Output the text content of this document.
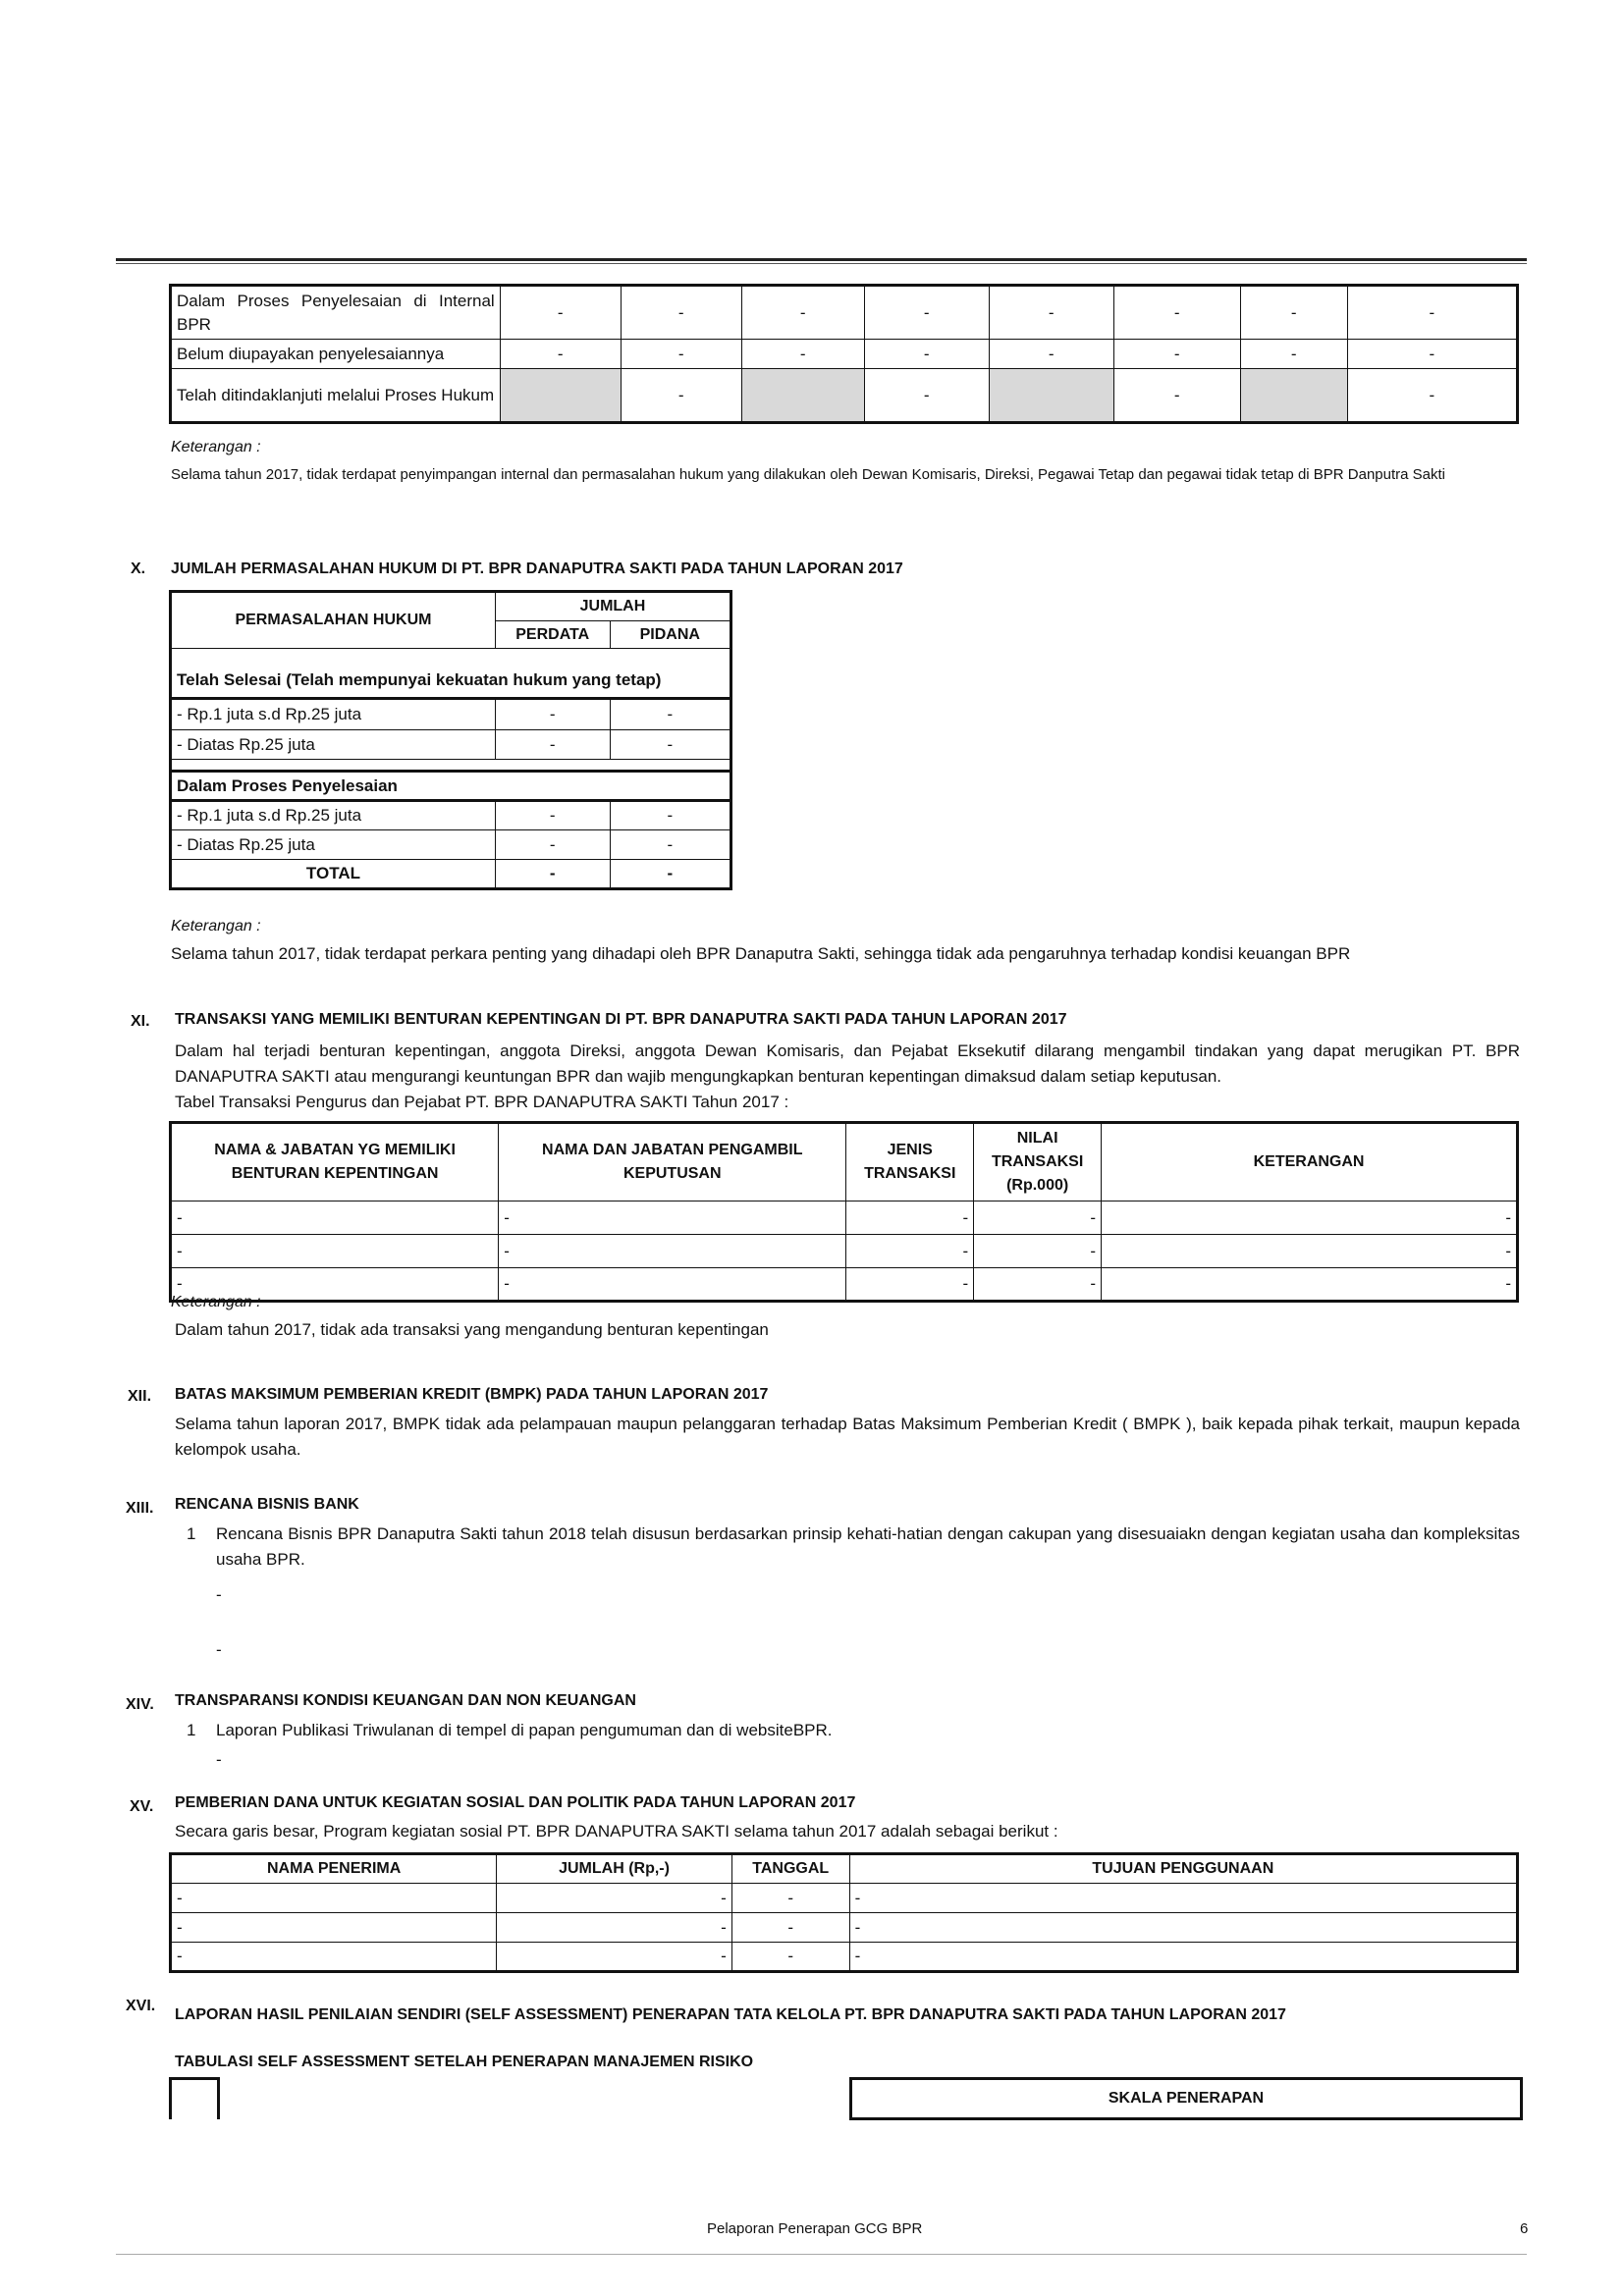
Dalam Proses Penyelesaian di Internal BPR	-	-	-	-	-	-	-	-
Belum diupayakan penyelesaiannya	-	-	-	-	-	-	-	-
Telah ditindaklanjuti melalui Proses Hukum		-		-		-		-
Keterangan :
Selama tahun 2017, tidak terdapat penyimpangan internal dan permasalahan hukum yang dilakukan oleh Dewan Komisaris, Direksi, Pegawai Tetap dan pegawai tidak tetap di BPR Danputra Sakti
X. JUMLAH PERMASALAHAN HUKUM DI PT. BPR DANAPUTRA SAKTI PADA TAHUN LAPORAN 2017
PERMASALAHAN HUKUM	JUMLAH	
	PERDATA	PIDANA

Telah Selesai (Telah mempunyai kekuatan hukum yang tetap)		
- Rp.1 juta s.d Rp.25 juta	-	-
- Diatas Rp.25 juta	-	-

Dalam Proses Penyelesaian		
- Rp.1 juta s.d Rp.25 juta	-	-
- Diatas Rp.25 juta	-	-
TOTAL	-	-
Keterangan :
Selama tahun 2017, tidak terdapat perkara penting yang dihadapi oleh BPR Danaputra Sakti, sehingga tidak ada pengaruhnya terhadap kondisi keuangan BPR
XI. TRANSAKSI YANG MEMILIKI BENTURAN KEPENTINGAN DI PT. BPR DANAPUTRA SAKTI PADA TAHUN LAPORAN 2017
Dalam hal terjadi benturan kepentingan, anggota Direksi, anggota Dewan Komisaris, dan Pejabat Eksekutif dilarang mengambil tindakan yang dapat merugikan PT. BPR DANAPUTRA SAKTI atau mengurangi keuntungan BPR dan wajib mengungkapkan benturan kepentingan dimaksud dalam setiap keputusan.
Tabel Transaksi Pengurus dan Pejabat PT. BPR DANAPUTRA SAKTI Tahun 2017 :
NAMA & JABATAN YG MEMILIKI BENTURAN KEPENTINGAN	NAMA DAN JABATAN PENGAMBIL KEPUTUSAN	JENIS TRANSAKSI	NILAI TRANSAKSI (Rp.000)	KETERANGAN
-	-	-	-	-
-	-	-	-	-
-	-	-	-	-
Keterangan :
Dalam tahun 2017, tidak ada transaksi yang mengandung benturan kepentingan
XII. BATAS MAKSIMUM PEMBERIAN KREDIT (BMPK) PADA TAHUN LAPORAN 2017
Selama tahun laporan 2017, BMPK tidak ada pelampauan maupun pelanggaran terhadap Batas Maksimum Pemberian Kredit ( BMPK ), baik kepada pihak terkait, maupun kepada kelompok usaha.
XIII. RENCANA BISNIS BANK
1 Rencana Bisnis BPR Danaputra Sakti tahun 2018 telah disusun berdasarkan prinsip kehati-hatian dengan cakupan yang disesuaiakn dengan kegiatan usaha dan kompleksitas usaha BPR.
-
-
XIV. TRANSPARANSI KONDISI KEUANGAN DAN NON KEUANGAN
1 Laporan Publikasi Triwulanan di tempel di papan pengumuman dan di websiteBPR.
-
XV. PEMBERIAN DANA UNTUK KEGIATAN SOSIAL DAN POLITIK PADA TAHUN LAPORAN 2017
Secara garis besar, Program kegiatan sosial PT. BPR DANAPUTRA SAKTI selama tahun 2017 adalah sebagai berikut :
NAMA PENERIMA	JUMLAH (Rp,-)	TANGGAL	TUJUAN PENGGUNAAN
-	-	-	-
-	-	-	-
-	-	-	-
XVI.
LAPORAN HASIL PENILAIAN SENDIRI (SELF ASSESSMENT) PENERAPAN TATA KELOLA PT. BPR DANAPUTRA SAKTI PADA TAHUN LAPORAN 2017
TABULASI SELF ASSESSMENT SETELAH PENERAPAN MANAJEMEN RISIKO
SKALA PENERAPAN
Pelaporan Penerapan GCG BPR	6
